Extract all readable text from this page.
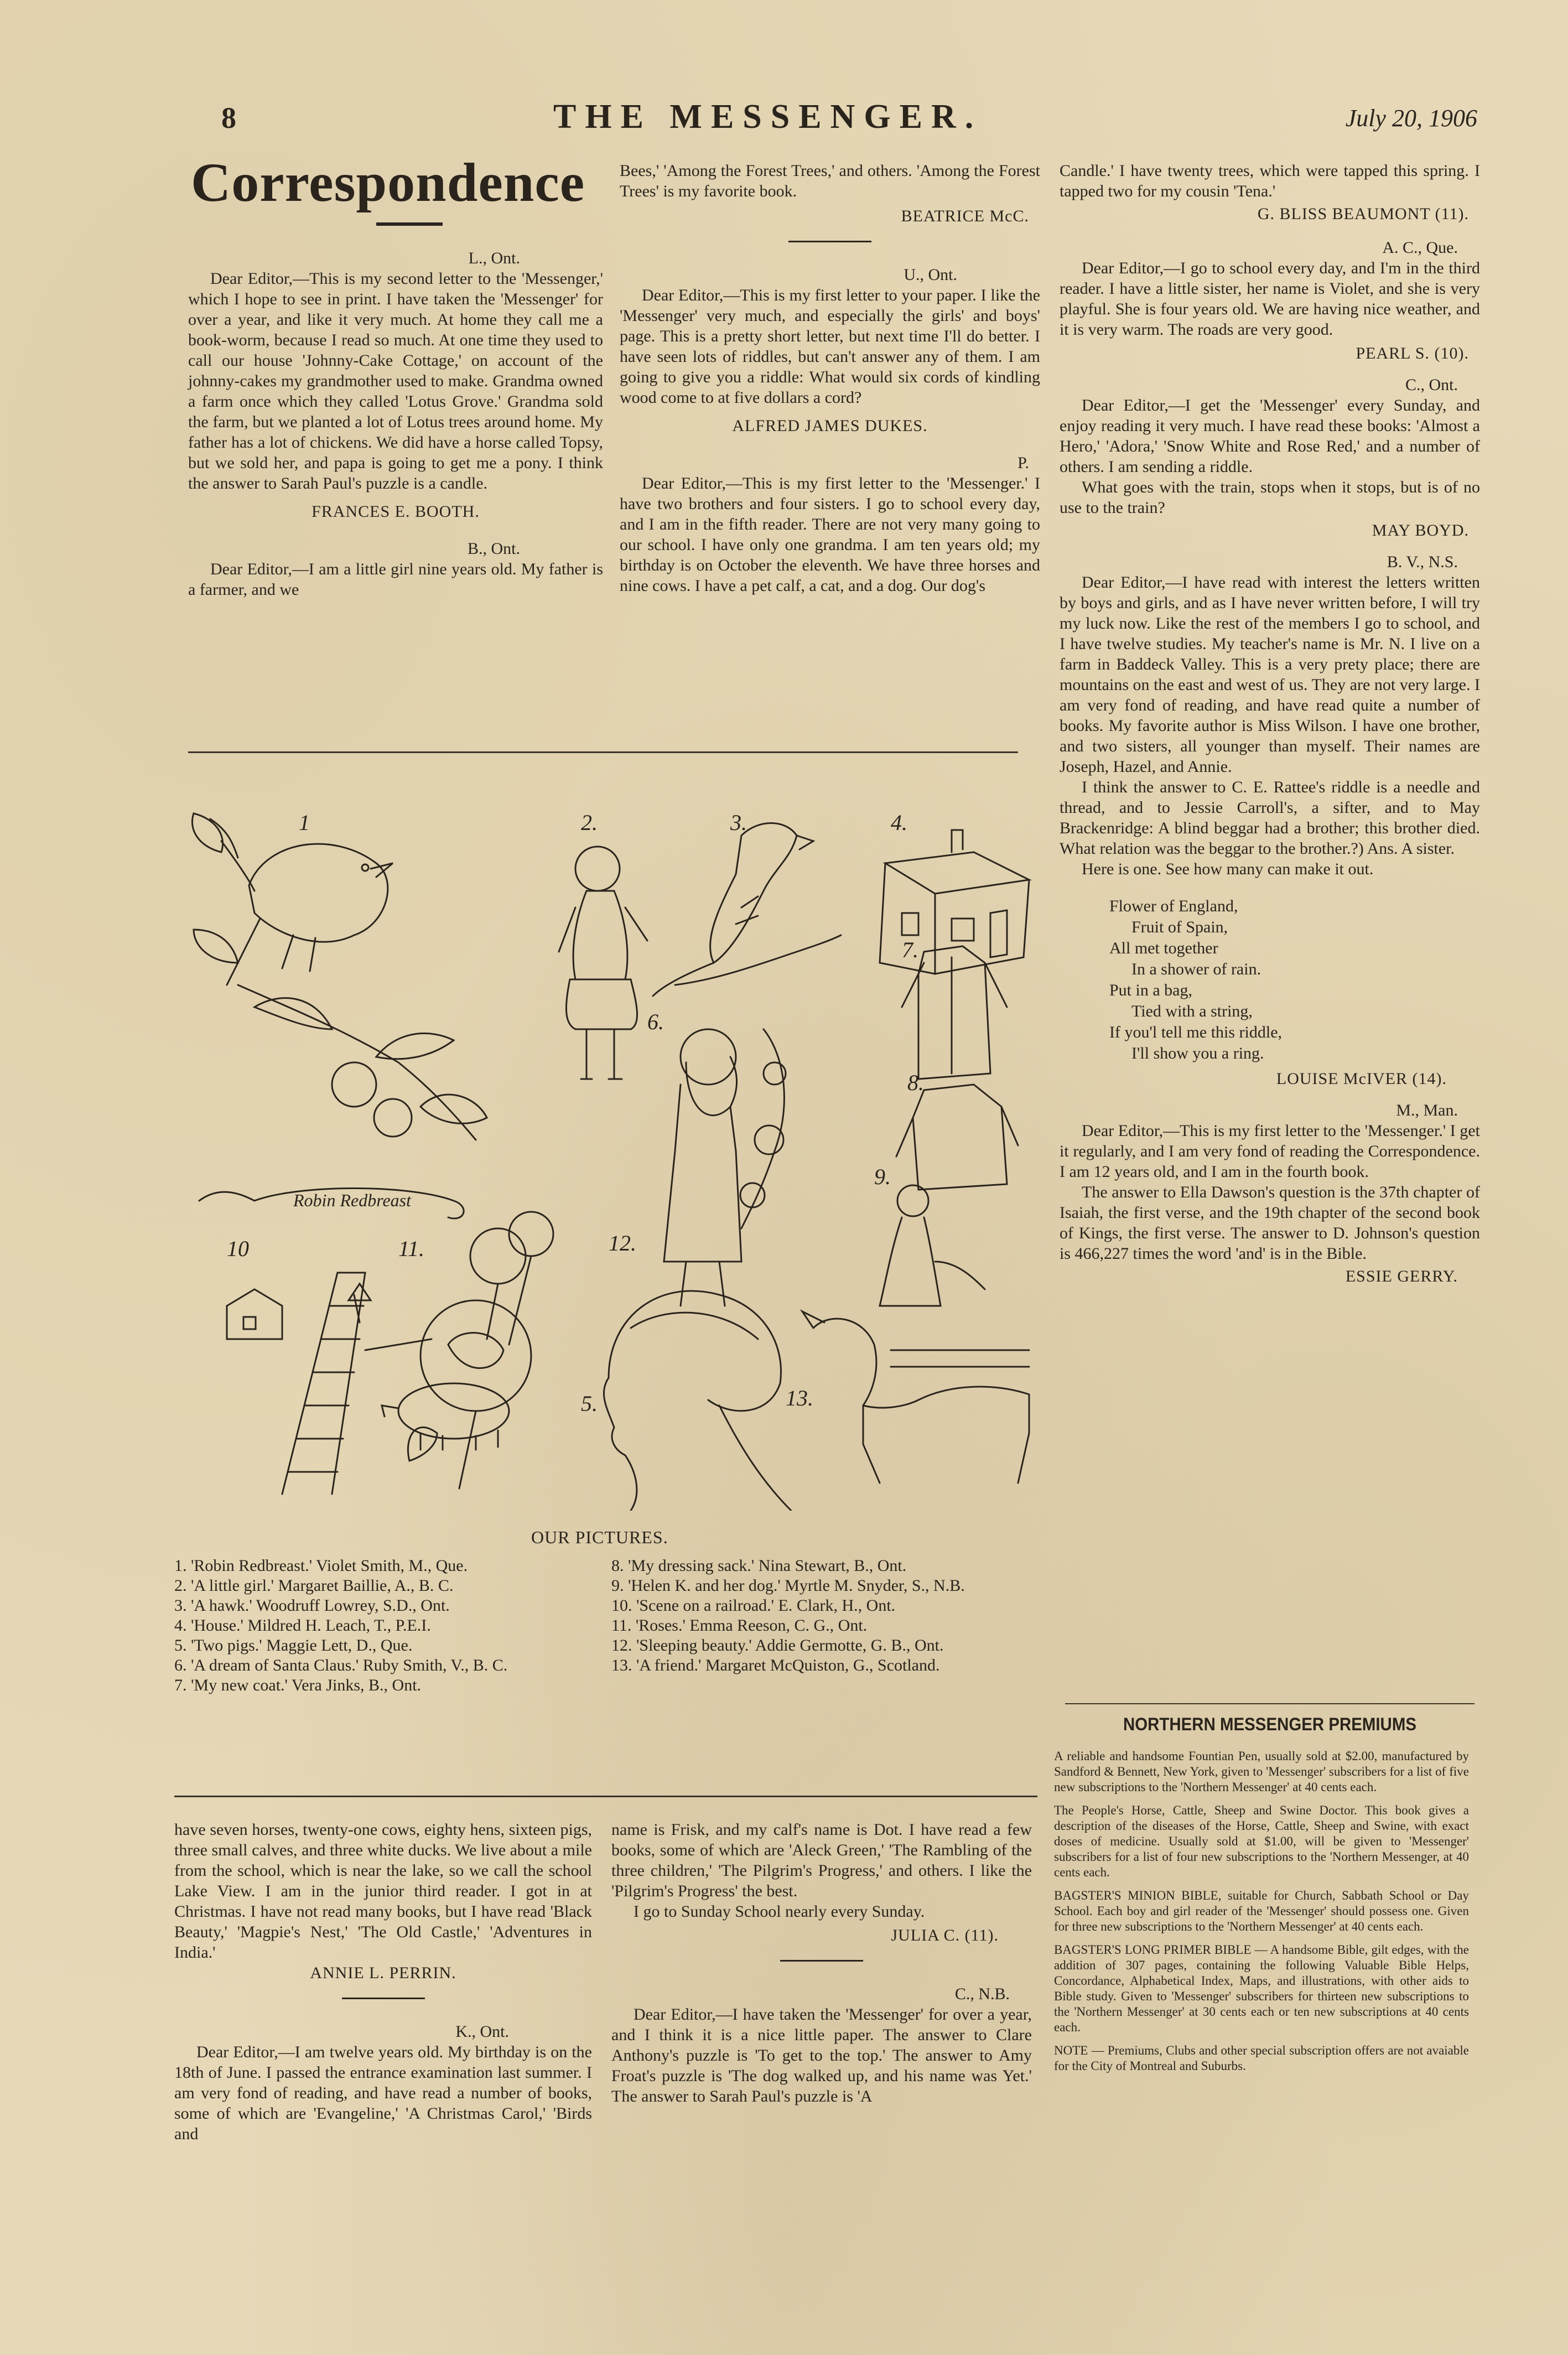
8	THE MESSENGER.	July 20, 1906
Correspondence
L., Ont.

Dear Editor,—This is my second letter to the 'Messenger,' which I hope to see in print. I have taken the 'Messenger' for over a year, and like it very much. At home they call me a book-worm, because I read so much. At one time they used to call our house 'Johnny-Cake Cottage,' on account of the johnny-cakes my grandmother used to make. Grandma owned a farm once which they called 'Lotus Grove.' Grandma sold the farm, but we planted a lot of Lotus trees around home. My father has a lot of chickens. We did have a horse called Topsy, but we sold her, and papa is going to get me a pony. I think the answer to Sarah Paul's puzzle is a candle.

FRANCES E. BOOTH.
B., Ont.

Dear Editor,—I am a little girl nine years old. My father is a farmer, and we

Bees,' 'Among the Forest Trees,' and others. 'Among the Forest Trees' is my favorite book.

BEATRICE McC.
U., Ont.

Dear Editor,—This is my first letter to your paper. I like the 'Messenger' very much, and especially the girls' and boys' page. This is a pretty short letter, but next time I'll do better. I have seen lots of riddles, but can't answer any of them. I am going to give you a riddle: What would six cords of kindling wood come to at five dollars a cord?

ALFRED JAMES DUKES.
P.

Dear Editor,—This is my first letter to the 'Messenger.' I have two brothers and four sisters. I go to school every day, and I am in the fifth reader. There are not very many going to our school. I have only one grandma. I am ten years old; my birthday is on October the eleventh. We have three horses and nine cows. I have a pet calf, a cat, and a dog. Our dog's

Candle.' I have twenty trees, which were tapped this spring. I tapped two for my cousin 'Tena.'

G. BLISS BEAUMONT (11).
A. C., Que.

Dear Editor,—I go to school every day, and I'm in the third reader. I have a little sister, her name is Violet, and she is very playful. She is four years old. We are having nice weather, and it is very warm. The roads are very good.

PEARL S. (10).
C., Ont.

Dear Editor,—I get the 'Messenger' every Sunday, and enjoy reading it very much. I have read these books: 'Almost a Hero,' 'Adora,' 'Snow White and Rose Red,' and a number of others. I am sending a riddle.

What goes with the train, stops when it stops, but is of no use to the train?

MAY BOYD.
B. V., N.S.

Dear Editor,—I have read with interest the letters written by boys and girls, and as I have never written before, I will try my luck now. Like the rest of the members I go to school, and I have twelve studies. My teacher's name is Mr. N. I live on a farm in Baddeck Valley. This is a very prety place; there are mountains on the east and west of us. They are not very large. I am very fond of reading, and have read quite a number of books. My favorite author is Miss Wilson. I have one brother, and two sisters, all younger than myself. Their names are Joseph, Hazel, and Annie.

I think the answer to C. E. Rattee's riddle is a needle and thread, and to Jessie Carroll's, a sifter, and to May Brackenridge: A blind beggar had a brother; this brother died. What relation was the beggar to the brother.?) Ans. A sister.

Here is one. See how many can make it out.

Flower of England,
Fruit of Spain,
All met together
In a shower of rain.
Put in a bag,
Tied with a string,
If you'l tell me this riddle,
I'll show you a ring.
LOUISE McIVER (14).
M., Man.

Dear Editor,—This is my first letter to the 'Messenger.' I get it regularly, and I am very fond of reading the Correspondence. I am 12 years old, and I am in the fourth book.

The answer to Ella Dawson's question is the 37th chapter of Isaiah, the first verse, and the 19th chapter of the second book of Kings, the first verse. The answer to D. Johnson's question is 466,227 times the word 'and' is in the Bible.

ESSIE GERRY.
1	2.	3.	4.
5.
6.
7.
8.
9.
10	11.	12.
13.
Robin Redbreast
OUR PICTURES.
1. 'Robin Redbreast.' Violet Smith, M., Que.
2. 'A little girl.' Margaret Baillie, A., B. C.
3. 'A hawk.' Woodruff Lowrey, S.D., Ont.
4. 'House.' Mildred H. Leach, T., P.E.I.
5. 'Two pigs.' Maggie Lett, D., Que.
6. 'A dream of Santa Claus.' Ruby Smith, V., B. C.
7. 'My new coat.' Vera Jinks, B., Ont.
8. 'My dressing sack.' Nina Stewart, B., Ont.
9. 'Helen K. and her dog.' Myrtle M. Snyder, S., N.B.
10. 'Scene on a railroad.' E. Clark, H., Ont.
11. 'Roses.' Emma Reeson, C. G., Ont.
12. 'Sleeping beauty.' Addie Germotte, G. B., Ont.
13. 'A friend.' Margaret McQuiston, G., Scotland.

have seven horses, twenty-one cows, eighty hens, sixteen pigs, three small calves, and three white ducks. We live about a mile from the school, which is near the lake, so we call the school Lake View. I am in the junior third reader. I got in at Christmas. I have not read many books, but I have read 'Black Beauty,' 'Magpie's Nest,' 'The Old Castle,' 'Adventures in India.'

ANNIE L. PERRIN.
K., Ont.

Dear Editor,—I am twelve years old. My birthday is on the 18th of June. I passed the entrance examination last summer. I am very fond of reading, and have read a number of books, some of which are 'Evangeline,' 'A Christmas Carol,' 'Birds and

name is Frisk, and my calf's name is Dot. I have read a few books, some of which are 'Aleck Green,' 'The Rambling of the three children,' 'The Pilgrim's Progress,' and others. I like the 'Pilgrim's Progress' the best.

I go to Sunday School nearly every Sunday.

JULIA C. (11).
C., N.B.

Dear Editor,—I have taken the 'Messenger' for over a year, and I think it is a nice little paper. The answer to Clare Anthony's puzzle is 'To get to the top.' The answer to Amy Froat's puzzle is 'The dog walked up, and his name was Yet.' The answer to Sarah Paul's puzzle is 'A

NORTHERN MESSENGER PREMIUMS

A reliable and handsome Fountian Pen, usually sold at $2.00, manufactured by Sandford & Bennett, New York, given to 'Messenger' subscribers for a list of five new subscriptions to the 'Northern Messenger' at 40 cents each.

The People's Horse, Cattle, Sheep and Swine Doctor. This book gives a description of the diseases of the Horse, Cattle, Sheep and Swine, with exact doses of medicine. Usually sold at $1.00, will be given to 'Messenger' subscribers for a list of four new subscriptions to the 'Northern Messenger, at 40 cents each.

BAGSTER'S MINION BIBLE, suitable for Church, Sabbath School or Day School. Each boy and girl reader of the 'Messenger' should possess one. Given for three new subscriptions to the 'Northern Messenger' at 40 cents each.

BAGSTER'S LONG PRIMER BIBLE — A handsome Bible, gilt edges, with the addition of 307 pages, containing the following Valuable Bible Helps, Concordance, Alphabetical Index, Maps, and illustrations, with other aids to Bible study. Given to 'Messenger' subscribers for thirteen new subscriptions to the 'Northern Messenger' at 30 cents each or ten new subscriptions at 40 cents each.

NOTE — Premiums, Clubs and other special subscription offers are not avaiable for the City of Montreal and Suburbs.
